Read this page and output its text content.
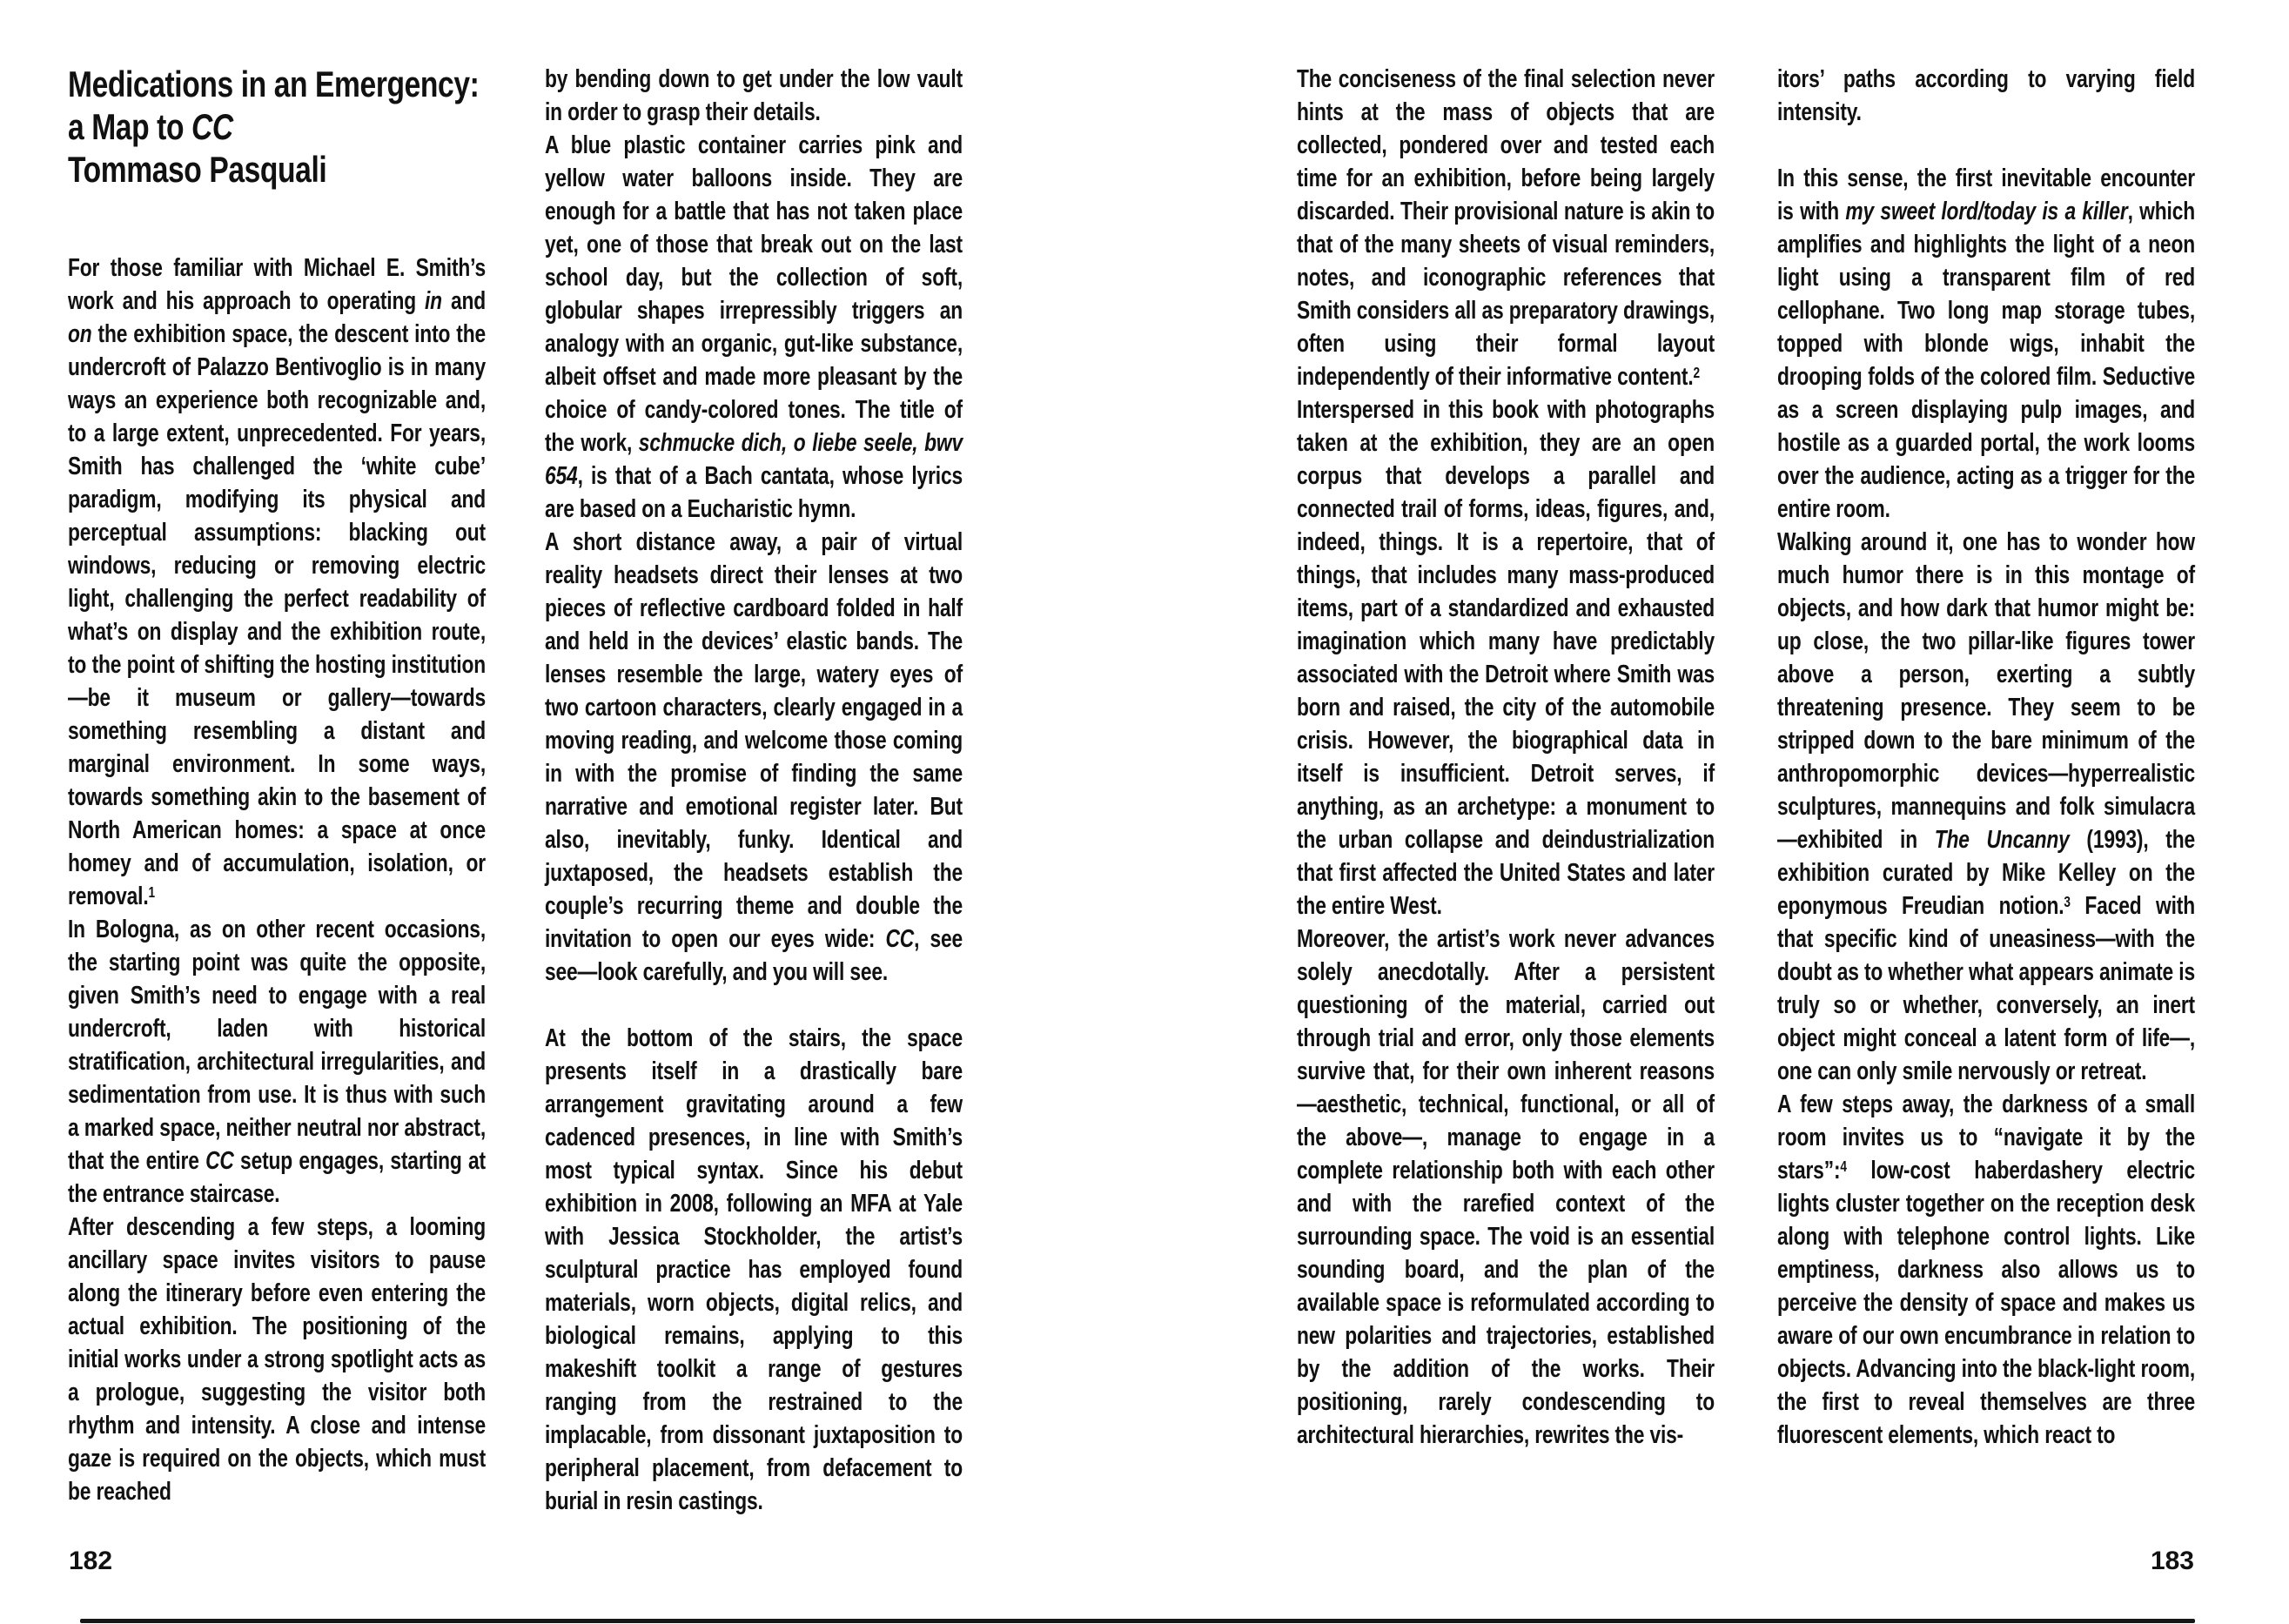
Medications in an Emergency:

a Map to CC

Tommaso Pasquali

For those familiar with Michael E. Smith’s work and his approach to operating in and on the exhibition space, the descent into the undercroft of Palazzo Bentivoglio is in many ways an experience both recognizable and, to a large extent, unprecedented. For years, Smith has challenged the ‘white cube’ paradigm, modifying its physical and perceptual assumptions: blacking out windows, reducing or removing electric light, challenging the perfect readability of what’s on display and the exhibition route, to the point of shifting the hosting institution—be it museum or gallery—towards something resembling a distant and marginal environment. In some ways, towards something akin to the basement of North American homes: a space at once homey and of accumulation, isolation, or removal.$^1$

In Bologna, as on other recent occasions, the starting point was quite the opposite, given Smith’s need to engage with a real undercroft, laden with historical stratification, architectural irregularities, and sedimentation from use. It is thus with such a marked space, neither neutral nor abstract, that the entire CC setup engages, starting at the entrance staircase.

After descending a few steps, a looming ancillary space invites visitors to pause along the itinerary before even entering the actual exhibition. The positioning of the initial works under a strong spotlight acts as a prologue, suggesting the visitor both rhythm and intensity. A close and intense gaze is required on the objects, which must be reached

by bending down to get under the low vault in order to grasp their details.

A blue plastic container carries pink and yellow water balloons inside. They are enough for a battle that has not taken place yet, one of those that break out on the last school day, but the collection of soft, globular shapes irrepressibly triggers an analogy with an organic, gut-like substance, albeit offset and made more pleasant by the choice of candy-colored tones. The title of the work, schmucke dich, o liebe seele, bwv 654, is that of a Bach cantata, whose lyrics are based on a Eucharistic hymn.

A short distance away, a pair of virtual reality headsets direct their lenses at two pieces of reflective cardboard folded in half and held in the devices’ elastic bands. The lenses resemble the large, watery eyes of two cartoon characters, clearly engaged in a moving reading, and welcome those coming in with the promise of finding the same narrative and emotional register later. But also, inevitably, funky. Identical and juxtaposed, the headsets establish the couple’s recurring theme and double the invitation to open our eyes wide: CC, see see—look carefully, and you will see.

At the bottom of the stairs, the space presents itself in a drastically bare arrangement gravitating around a few cadenced presences, in line with Smith’s most typical syntax. Since his debut exhibition in 2008, following an MFA at Yale with Jessica Stockholder, the artist’s sculptural practice has employed found materials, worn objects, digital relics, and biological remains, applying to this makeshift toolkit a range of gestures ranging from the restrained to the implacable, from dissonant juxtaposition to peripheral placement, from defacement to burial in resin castings.

182

The conciseness of the final selection never hints at the mass of objects that are collected, pondered over and tested each time for an exhibition, before being largely discarded. Their provisional nature is akin to that of the many sheets of visual reminders, notes, and iconographic references that Smith considers all as preparatory drawings, often using their formal layout independently of their informative content.$^2$

Interspersed in this book with photographs taken at the exhibition, they are an open corpus that develops a parallel and connected trail of forms, ideas, figures, and, indeed, things. It is a repertoire, that of things, that includes many mass-produced items, part of a standardized and exhausted imagination which many have predictably associated with the Detroit where Smith was born and raised, the city of the automobile crisis. However, the biographical data in itself is insufficient. Detroit serves, if anything, as an archetype: a monument to the urban collapse and deindustrialization that first affected the United States and later the entire West.

Moreover, the artist’s work never advances solely anecdotally. After a persistent questioning of the material, carried out through trial and error, only those elements survive that, for their own inherent reasons—aesthetic, technical, functional, or all of the above—, manage to engage in a complete relationship both with each other and with the rarefied context of the surrounding space. The void is an essential sounding board, and the plan of the available space is reformulated according to new polarities and trajectories, established by the addition of the works. Their positioning, rarely condescending to architectural hierarchies, rewrites the vis-

itors’ paths according to varying field intensity.

In this sense, the first inevitable encounter is with my sweet lord/today is a killer, which amplifies and highlights the light of a neon light using a transparent film of red cellophane. Two long map storage tubes, topped with blonde wigs, inhabit the drooping folds of the colored film. Seductive as a screen displaying pulp images, and hostile as a guarded portal, the work looms over the audience, acting as a trigger for the entire room.

Walking around it, one has to wonder how much humor there is in this montage of objects, and how dark that humor might be: up close, the two pillar-like figures tower above a person, exerting a subtly threatening presence. They seem to be stripped down to the bare minimum of the anthropomorphic devices—hyperrealistic sculptures, mannequins and folk simulacra—exhibited in The Uncanny (1993), the exhibition curated by Mike Kelley on the eponymous Freudian notion.$^3$ Faced with that specific kind of uneasiness—with the doubt as to whether what appears animate is truly so or whether, conversely, an inert object might conceal a latent form of life—, one can only smile nervously or retreat.

A few steps away, the darkness of a small room invites us to “navigate it by the stars”:$^4$ low-cost haberdashery electric lights cluster together on the reception desk along with telephone control lights. Like emptiness, darkness also allows us to perceive the density of space and makes us aware of our own encumbrance in relation to objects. Advancing into the black-light room, the first to reveal themselves are three fluorescent elements, which react to

183
